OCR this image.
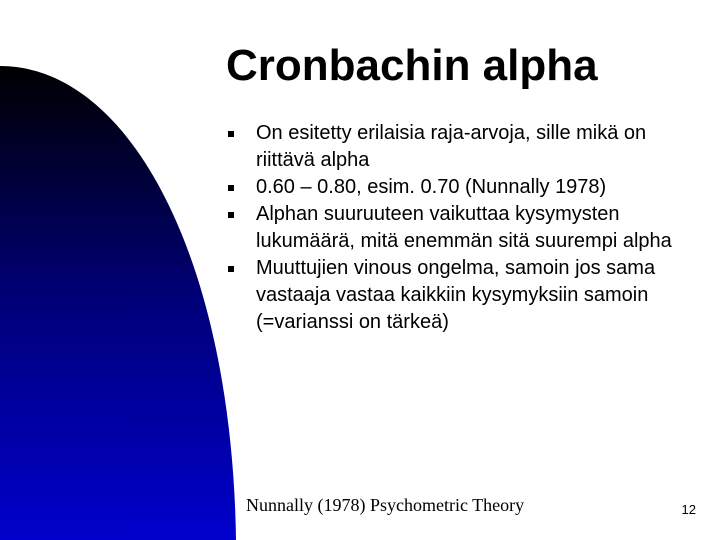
Cronbachin alpha
On esitetty erilaisia raja-arvoja, sille mikä on riittävä alpha
0.60 – 0.80, esim. 0.70 (Nunnally 1978)
Alphan suuruuteen vaikuttaa kysymysten lukumäärä, mitä enemmän sitä suurempi alpha
Muuttujien vinous ongelma, samoin jos sama vastaaja vastaa kaikkiin kysymyksiin samoin (=varianssi on tärkeä)
Nunnally (1978) Psychometric Theory	12
